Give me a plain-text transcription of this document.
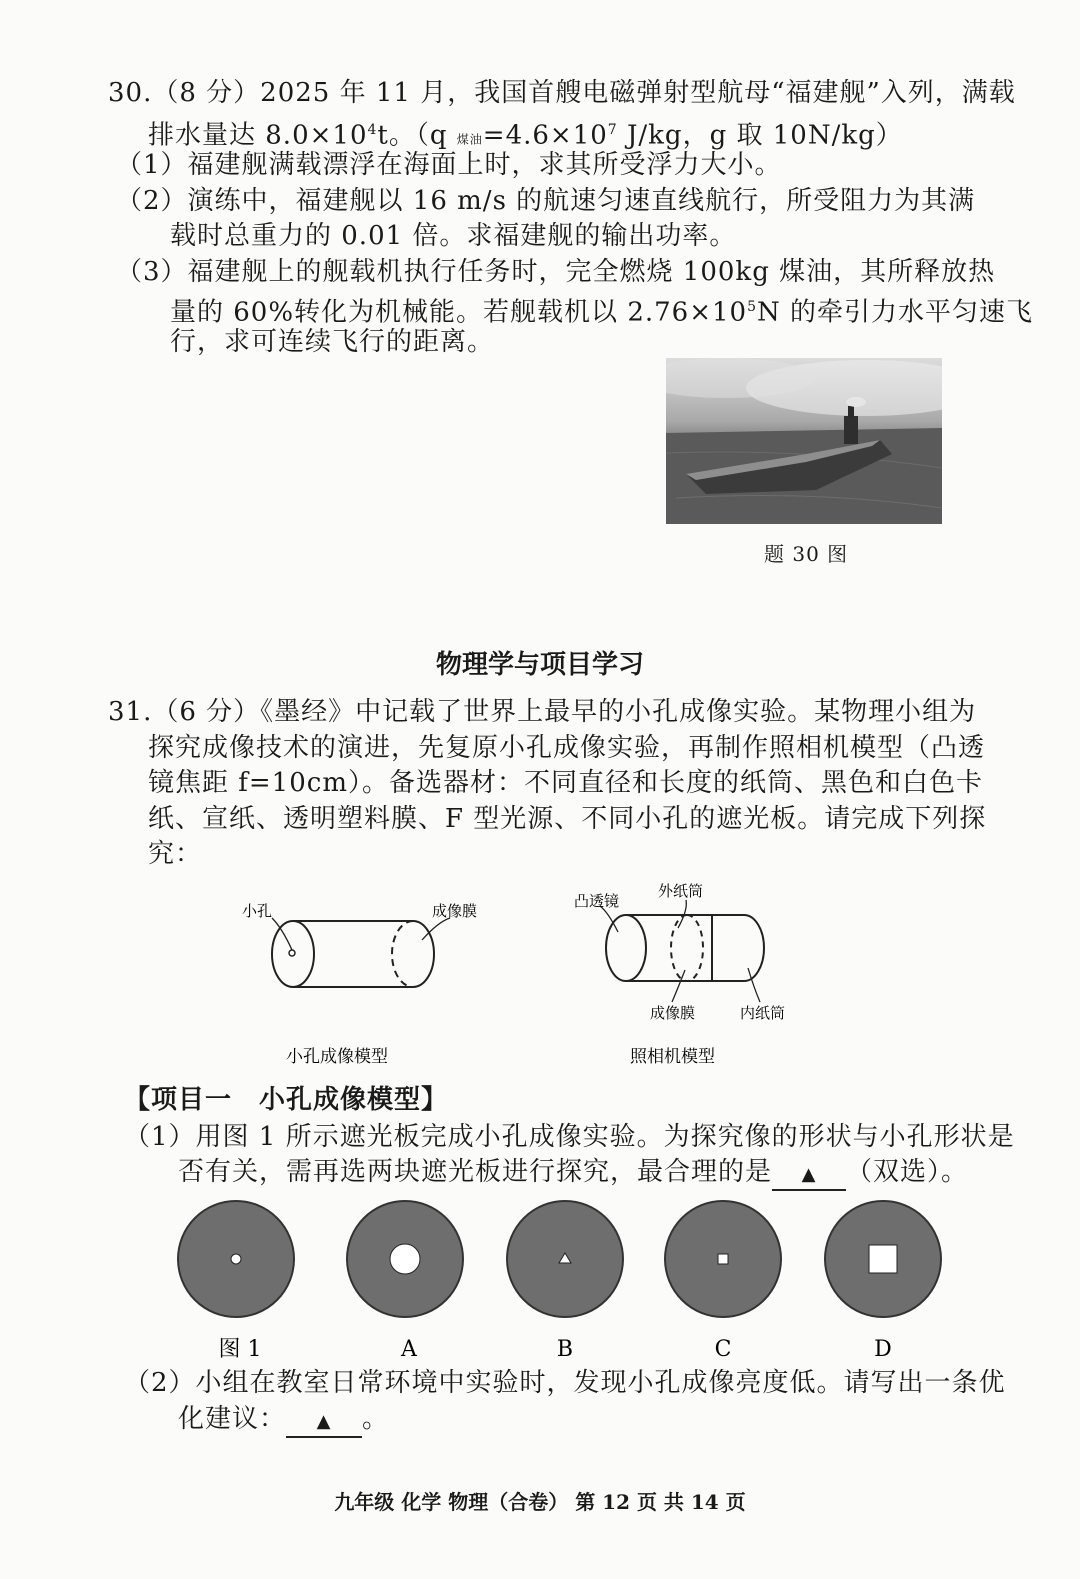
30.（8 分）2025 年 11 月，我国首艘电磁弹射型航母“福建舰”入列，满载
排水量达 $8.0\times 10^4t$。（q 煤油$=4.6\times 10^7$ J/kg，g 取 10N/kg）
（1）福建舰满载漂浮在海面上时，求其所受浮力大小。
（2）演练中，福建舰以 16 m/s 的航速匀速直线航行，所受阻力为其满
载时总重力的 0.01 倍。求福建舰的输出功率。
（3）福建舰上的舰载机执行任务时，完全燃烧 100kg 煤油，其所释放热
量的 60%转化为机械能。若舰载机以 $2.76\times 10^5N$ 的牵引力水平匀速飞
行，求可连续飞行的距离。
题 30 图
物理学与项目学习
31.（6 分）《墨经》中记载了世界上最早的小孔成像实验。某物理小组为
探究成像技术的演进，先复原小孔成像实验，再制作照相机模型（凸透
镜焦距 f=10cm）。备选器材：不同直径和长度的纸筒、黑色和白色卡
纸、宣纸、透明塑料膜、F 型光源、不同小孔的遮光板。请完成下列探
究：
小孔	成像膜
小孔成像模型
凸透镜
外纸筒
成像膜	内纸筒
照相机模型
【项目一　小孔成像模型】
（1）用图 1 所示遮光板完成小孔成像实验。为探究像的形状与小孔形状是
否有关，需再选两块遮光板进行探究，最合理的是 ▲ （双选）。
图 1	A	B	C	D
（2）小组在教室日常环境中实验时，发现小孔成像亮度低。请写出一条优
化建议： ▲ 。
九年级 化学 物理（合卷） 第 12 页 共 14 页
